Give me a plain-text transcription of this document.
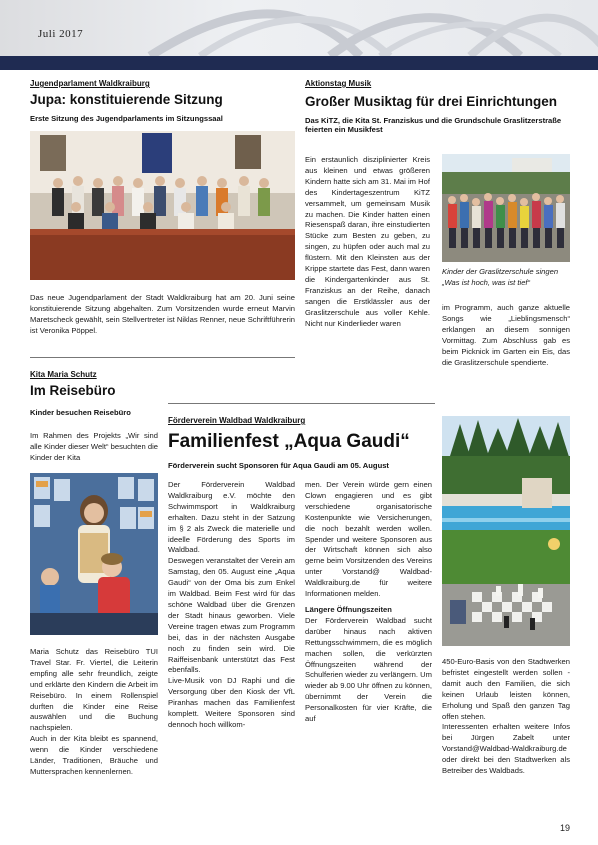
Juli 2017
Jugendparlament Waldkraiburg
Jupa: konstituierende Sitzung
Erste Sitzung des Jugendparlaments im Sitzungssaal
Das neue Jugendparlament der Stadt Waldkraiburg hat am 20. Juni seine konstituierende Sitzung abgehalten. Zum Vorsitzenden wurde erneut Marvin Maretscheck gewählt, sein Stellvertreter ist Niklas Renner, neue Schriftführerin ist Veronika Pöppel.
Aktionstag Musik
Großer Musiktag für drei Einrichtungen
Das KiTZ, die Kita St. Franziskus und die Grundschule Graslitzerstraße feierten ein Musikfest
Ein erstaunlich disziplinierter Kreis aus kleinen und etwas größeren Kindern hatte sich am 31. Mai im Hof des Kindertageszentrum KiTZ versammelt, um gemeinsam Musik zu machen. Die Kinder hatten einen Riesenspaß daran, ihre einstudierten Stücke zum Besten zu geben, zu singen, zu hüpfen oder auch mal zu flüstern. Mit den Kleinsten aus der Krippe startete das Fest, dann waren die Kindergartenkinder aus St. Franziskus an der Reihe, danach sangen die Erstklässler aus der Graslitzerschule aus voller Kehle. Nicht nur Kinderlieder waren
Kinder der Graslitzerschule singen „Was ist hoch, was ist tief“
im Programm, auch ganze aktuelle Songs wie „Lieblingsmensch“ erklangen an diesem sonnigen Vormittag. Zum Abschluss gab es beim Picknick im Garten ein Eis, das die Graslitzerschule spendierte.
Kita Maria Schutz
Im Reisebüro
Kinder besuchen Reisebüro
Im Rahmen des Projekts „Wir sind alle Kinder dieser Welt“ besuchten die Kinder der Kita
Maria Schutz das Reisebüro TUI Travel Star. Fr. Viertel, die Leiterin empfing alle sehr freundlich, zeigte und erklärte den Kindern die Arbeit im Reisebüro. In einem Rollenspiel durften die Kinder eine Reise auswählen und die Buchung nachspielen.
Auch in der Kita bleibt es spannend, wenn die Kinder verschiedene Länder, Traditionen, Bräuche und Muttersprachen kennenlernen.
Förderverein Waldbad Waldkraiburg
Familienfest „Aqua Gaudi“
Förderverein sucht Sponsoren für Aqua Gaudi am 05. August
Der Förderverein Waldbad Waldkraiburg e.V. möchte den Schwimmsport in Waldkraiburg erhalten. Dazu steht in der Satzung im § 2 als Zweck die materielle und ideelle Förderung des Sports im Waldbad.
Deswegen veranstaltet der Verein am Samstag, den 05. August eine „Aqua Gaudi“ von der Oma bis zum Enkel im Waldbad. Beim Fest wird für das schöne Waldbad über die Grenzen der Stadt hinaus geworben. Viele Vereine tragen etwas zum Programm bei, das in der nächsten Ausgabe noch zu finden sein wird. Die Raiffeisenbank unterstützt das Fest ebenfalls.
Live-Musik von DJ Raphi und die Versorgung über den Kiosk der VfL Piranhas machen das Familienfest komplett. Weitere Sponsoren sind dennoch hoch willkom-
men. Der Verein würde gern einen Clown engagieren und es gibt verschiedene organisatorische Kostenpunkte wie Versicherungen, die noch bezahlt werden wollen. Spender und weitere Sponsoren aus der Wirtschaft können sich also gerne beim Vorsitzenden des Vereins unter Vorstand@ Waldbad-Waldkraiburg.de für weitere Informationen melden.
Längere Öffnungszeiten
Der Förderverein Waldbad sucht darüber hinaus nach aktiven Rettungsschwimmern, die es möglich machen sollen, die verkürzten Öffnungszeiten während der Schulferien wieder zu verlängern. Um wieder ab 9.00 Uhr öffnen zu können, übernimmt der Verein die Personalkosten für vier Kräfte, die auf
450-Euro-Basis von den Stadtwerken befristet eingestellt werden sollen - damit auch den Familien, die sich keinen Urlaub leisten können, Erholung und Spaß den ganzen Tag offen stehen.
Interessenten erhalten weitere Infos bei Jürgen Zabelt unter Vorstand@Waldbad-Waldkraiburg.de oder direkt bei den Stadtwerken als Betreiber des Waldbads.
19
